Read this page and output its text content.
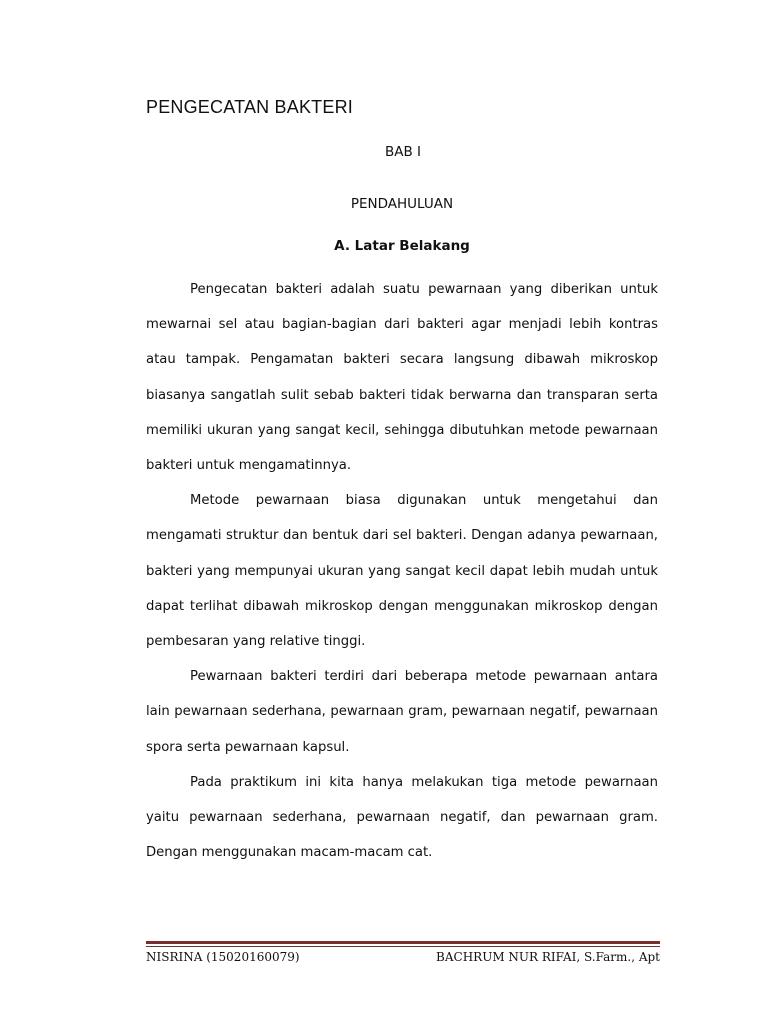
PENGECATAN BAKTERI
BAB I
PENDAHULUAN
A. Latar Belakang

Pengecatan bakteri adalah suatu pewarnaan yang diberikan untuk mewarnai sel atau bagian-bagian dari bakteri agar menjadi lebih kontras atau tampak. Pengamatan bakteri secara langsung dibawah mikroskop biasanya sangatlah sulit sebab bakteri tidak berwarna dan transparan serta memiliki ukuran yang sangat kecil, sehingga dibutuhkan metode pewarnaan bakteri untuk mengamatinnya.

Metode pewarnaan biasa digunakan untuk mengetahui dan mengamati struktur dan bentuk dari sel bakteri. Dengan adanya pewarnaan, bakteri yang mempunyai ukuran yang sangat kecil dapat lebih mudah untuk dapat terlihat dibawah mikroskop dengan menggunakan mikroskop dengan pembesaran yang relative tinggi.

Pewarnaan bakteri terdiri dari beberapa metode pewarnaan antara lain pewarnaan sederhana, pewarnaan gram, pewarnaan negatif, pewarnaan spora serta pewarnaan kapsul.

Pada praktikum ini kita hanya melakukan tiga metode pewarnaan yaitu pewarnaan sederhana, pewarnaan negatif, dan pewarnaan gram. Dengan menggunakan macam-macam cat.

NISRINA (15020160079)	BACHRUM NUR RIFAI, S.Farm., Apt
